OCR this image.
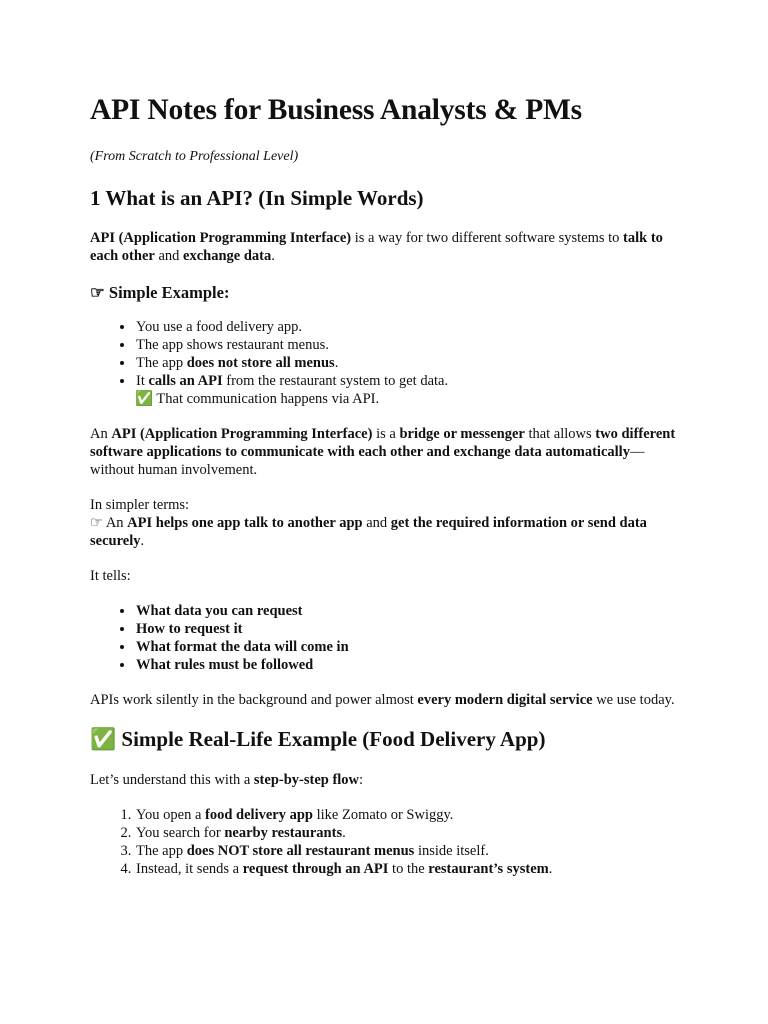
API Notes for Business Analysts & PMs
(From Scratch to Professional Level)
1 What is an API? (In Simple Words)

API (Application Programming Interface) is a way for two different software systems to talk to each other and exchange data.

☞ Simple Example:
• You use a food delivery app.
• The app shows restaurant menus.
• The app does not store all menus.
• It calls an API from the restaurant system to get data.
✅ That communication happens via API.

An API (Application Programming Interface) is a bridge or messenger that allows two different software applications to communicate with each other and exchange data automatically—without human involvement.

In simpler terms:

☞ An API helps one app talk to another app and get the required information or send data securely.

It tells:

• What data you can request
• How to request it
• What format the data will come in
• What rules must be followed

APIs work silently in the background and power almost every modern digital service we use today.

✅ Simple Real-Life Example (Food Delivery App)

Let’s understand this with a step-by-step flow:

1. You open a food delivery app like Zomato or Swiggy.
2. You search for nearby restaurants.
3. The app does NOT store all restaurant menus inside itself.
4. Instead, it sends a request through an API to the restaurant’s system.
